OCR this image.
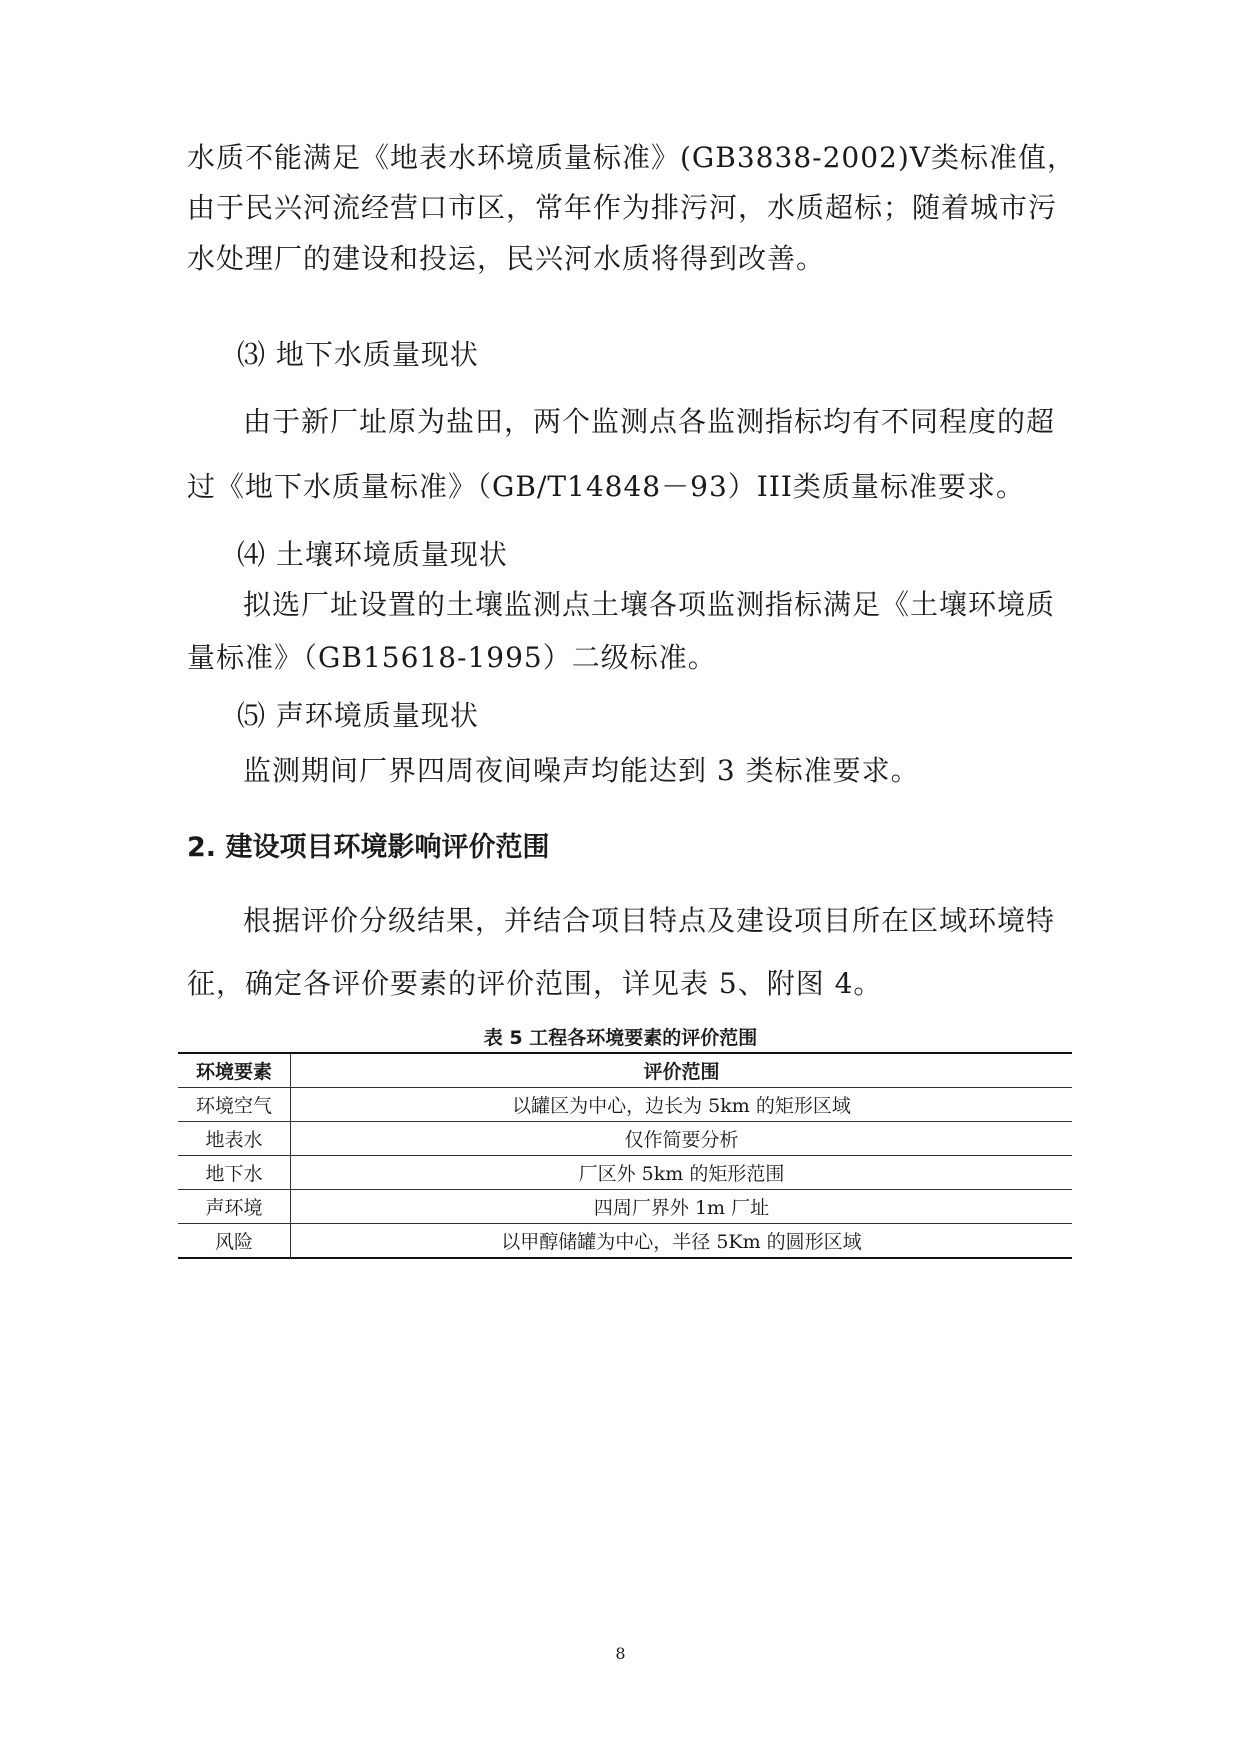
水质不能满足《地表水环境质量标准》(GB3838-2002)Ⅴ类标准值，
由于民兴河流经营口市区，常年作为排污河，水质超标；随着城市污
水处理厂的建设和投运，民兴河水质将得到改善。
⑶ 地下水质量现状
由于新厂址原为盐田，两个监测点各监测指标均有不同程度的超
过《地下水质量标准》（GB/T14848－93）III类质量标准要求。
⑷ 土壤环境质量现状
拟选厂址设置的土壤监测点土壤各项监测指标满足《土壤环境质
量标准》（GB15618-1995）二级标准。
⑸ 声环境质量现状
监测期间厂界四周夜间噪声均能达到 3 类标准要求。
2. 建设项目环境影响评价范围
根据评价分级结果，并结合项目特点及建设项目所在区域环境特
征，确定各评价要素的评价范围，详见表 5、附图 4。
表 5 工程各环境要素的评价范围
环境要素	评价范围
环境空气	以罐区为中心，边长为 5km 的矩形区域
地表水	仅作简要分析
地下水	厂区外 5km 的矩形范围
声环境	四周厂界外 1m 厂址
风险	以甲醇储罐为中心，半径 5Km 的圆形区域
8
